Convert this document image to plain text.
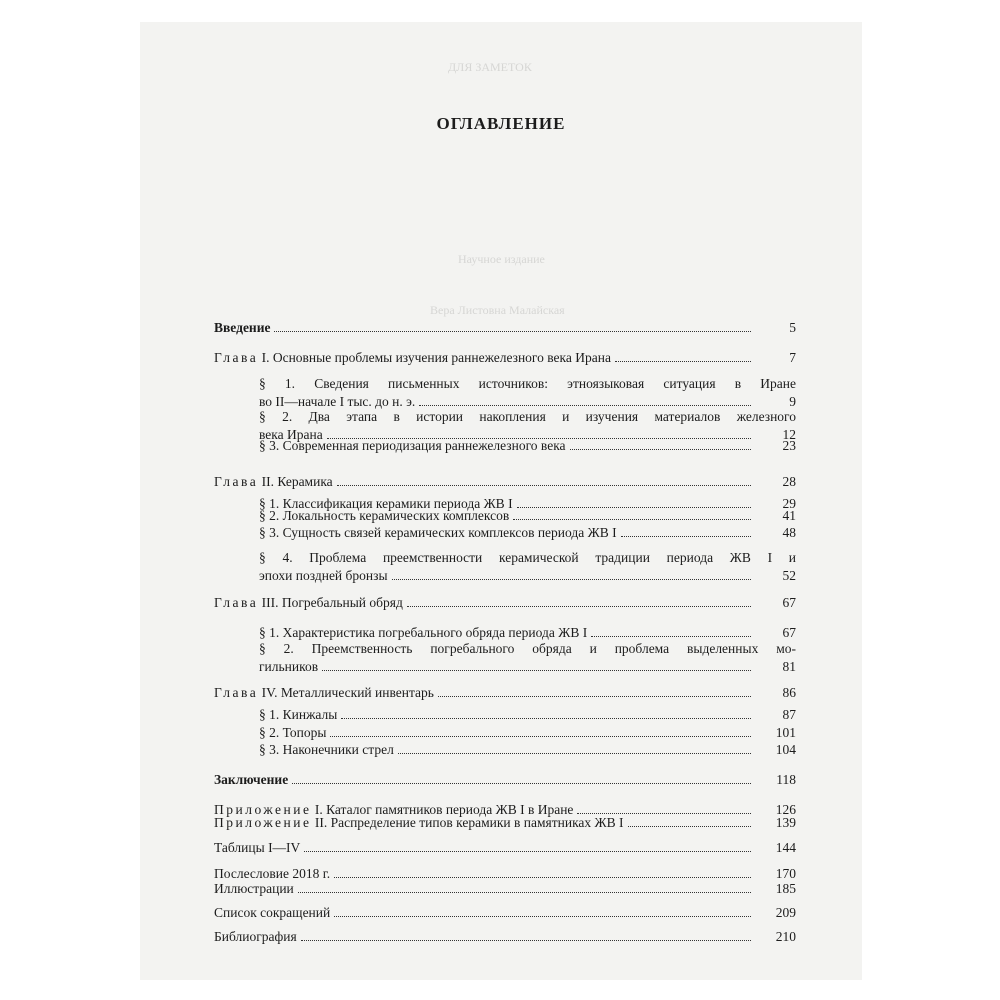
ДЛЯ ЗАМЕТОК
Научное издание
Вера Листовна Малайская
ОГЛАВЛЕНИЕ
Введение	5
Глава I. Основные проблемы изучения раннежелезного века Ирана	7
§ 1. Сведения письменных источников: этноязыковая ситуация в Иране
во II—начале I тыс. до н. э.	9
§ 2. Два этапа в истории накопления и изучения материалов железного
века Ирана	12
§ 3. Современная периодизация раннежелезного века	23
Глава II. Керамика	28
§ 1. Классификация керамики периода ЖВ I	29
§ 2. Локальность керамических комплексов	41
§ 3. Сущность связей керамических комплексов периода ЖВ I	48
§ 4. Проблема преемственности керамической традиции периода ЖВ I и
эпохи поздней бронзы	52
Глава III. Погребальный обряд	67
§ 1. Характеристика погребального обряда периода ЖВ I	67
§ 2. Преемственность погребального обряда и проблема выделенных мо-
гильников	81
Глава IV. Металлический инвентарь	86
§ 1. Кинжалы	87
§ 2. Топоры	101
§ 3. Наконечники стрел	104
Заключение	118
Приложение I. Каталог памятников периода ЖВ I в Иране	126
Приложение II. Распределение типов керамики в памятниках ЖВ I	139
Таблицы I—IV	144
Послесловие 2018 г.	170
Иллюстрации	185
Список сокращений	209
Библиография	210
